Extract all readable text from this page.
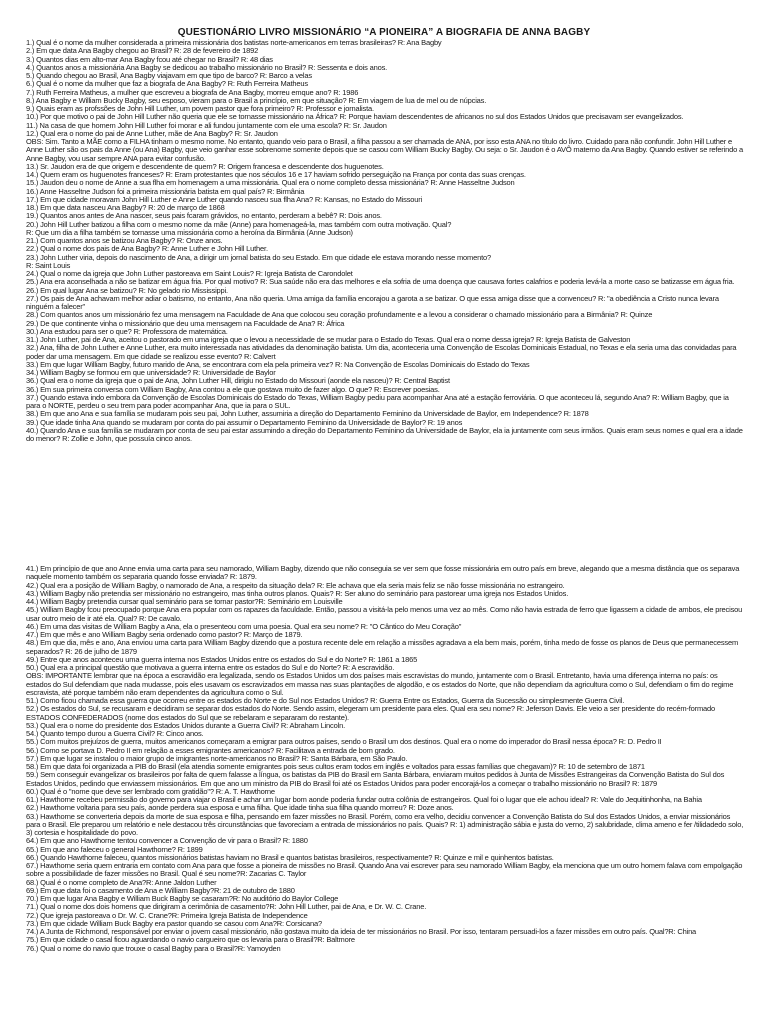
QUESTIONÁRIO LIVRO MISSIONÁRIO “A PIONEIRA” A BIOGRAFIA DE ANNA BAGBY

1.) Qual é o nome da mulher considerada a primeira missionária dos batistas norte-americanos em terras brasileiras? R: Ana Bagby

2.) Em que data Ana Bagby chegou ao Brasil? R: 28 de fevereiro de 1892

3.) Quantos dias em alto-mar Ana Bagby fcou até chegar no Brasil? R: 48 dias

4.) Quantos anos a missionária Ana Bagby se dedicou ao trabalho missionário no Brasil? R: Sessenta e dois anos.

5.) Quando chegou ao Brasil, Ana Bagby viajavam em que tipo de barco? R: Barco a velas

6.) Qual é o nome da mulher que faz a biografa de Ana Bagby? R: Ruth Ferreira Matheus

7.) Ruth Ferreira Matheus, a mulher que escreveu a biografa de Ana Bagby, morreu emque ano? R: 1986

8.) Ana Bagby e William Bucky Bagby, seu esposo, vieram para o Brasil a princípio, em que situação? R: Em viagem de lua de mel ou de núpcias.

9.) Quais eram as profssões de John Hill Luther, um povem pastor que fora primeiro? R: Professor e jornalista.

10.) Por que motivo o pai de John Hill Luther não queria que ele se tornasse missionário na África? R: Porque haviam descendentes de africanos no sul dos Estados Unidos que precisavam ser evangelizados.

11.) Na casa de que homem John Hill Luther foi morar e ali fundou juntamente com ele uma escola? R: Sr. Jaudon

12.) Qual era o nome do pai de Anne Luther, mãe de Ana Bagby? R: Sr. Jaudon

OBS: Sim. Tanto a MÃE como a FILHA tinham o mesmo nome. No entanto, quando veio para o Brasil, a filha passou a ser chamada de ANA, por isso esta ANA no título do livro. Cuidado para não confundir. John Hill Luther e Anne Luther são os pais da Anne (ou Ana) Bagby, que veio ganhar esse sobrenome somente depois que se casou com William Bucky Bagby. Ou seja: o Sr. Jaudon é o AVÔ materno da Ana Bagby. Quando estiver se referindo a Anne Bagby, vou usar sempre ANA para evitar confusão.

13.) Sr. Jaudon era de que origem e descendente de quem? R: Origem francesa e descendente dos huguenotes.

14.) Quem eram os huguenotes franceses? R: Eram protestantes que nos séculos 16 e 17 haviam sofrido perseguição na França por conta das suas crenças.

15.) Jaudon deu o nome de Anne a sua flha em homenagem a uma missionária. Qual era o nome completo dessa missionária? R: Anne Hasseltne Judson

16.) Anne Hasseltne Judson foi a primeira missionária batista em qual país? R: Birmânia

17.) Em que cidade moravam John Hill Luther e Anne Luther quando nasceu sua flha Ana? R: Kansas, no Estado do Missouri

18.) Em que data nasceu Ana Bagby? R: 20 de março de 1868

19.) Quantos anos antes de Ana nascer, seus pais fcaram grávidos, no entanto, perderam a bebê? R: Dois anos.

20.) John Hill Luther batizou a filha com o mesmo nome da mãe (Anne) para homenageá-la, mas também com outra motivação. Qual?

R: Que um dia a filha também se tornasse uma missionária como a heroína da Birmânia (Anne Judson)

21.) Com quantos anos se batizou Ana Bagby? R: Onze anos.

22.) Qual o nome dos pais de Ana Bagby? R: Anne Luther e John Hill Luther.

23.) John Luther viria, depois do nascimento de Ana, a dirigir um jornal batista do seu Estado. Em que cidade ele estava morando nesse momento?

R: Saint Louis

24.) Qual o nome da igreja que John Luther pastoreava em Saint Louis? R: Igreja Batista de Carondolet

25.) Ana era aconselhada a não se batizar em água fria. Por qual motivo? R: Sua saúde não era das melhores e ela sofria de uma doença que causava fortes calafrios e poderia levá-la a morte caso se batizasse em água fria.

26.) Em qual lugar Ana se batizou? R: No gelado rio Mississippi.

27.) Os pais de Ana achavam melhor adiar o batismo, no entanto, Ana não queria. Uma amiga da família encorajou a garota a se batizar. O que essa amiga disse que a convenceu? R: "a obediência a Cristo nunca levara ninguém a falecer"

28.) Com quantos anos um missionário fez uma mensagem na Faculdade de Ana que colocou seu coração profundamente e a levou a considerar o chamado missionário para a Birmânia? R: Quinze

29.) De que continente vinha o missionário que deu uma mensagem na Faculdade de Ana? R: África

30.) Ana estudou para ser o que? R: Professora de matemática.

31.) John Luther, pai de Ana, aceitou o pastorado em uma igreja que o levou a necessidade de se mudar para o Estado do Texas. Qual era o nome dessa igreja? R: Igreja Batista de Galveston

32.) Ana, filha de John Luther e Anne Luther, era muito interessada nas atividades da denominação batista. Um dia, aconteceria uma Convenção de Escolas Dominicais Estadual, no Texas e ela seria uma das convidadas para poder dar uma mensagem. Em que cidade se realizou esse evento? R: Calvert

33.) Em que lugar William Bagby, futuro marido de Ana, se encontrara com ela pela primeira vez? R: Na Convenção de Escolas Dominicais do Estado do Texas

34.) William Bagby se formou em que universidade? R: Universidade de Baylor

36.) Qual era o nome da igreja que o pai de Ana, John Luther Hill, dirigiu no Estado do Missouri (aonde ela nasceu)? R: Central Baptist

36.) Em sua primeira conversa com William Bagby, Ana contou a ele que gostava muito de fazer algo. O que? R: Escrever poesias.

37.) Quando estava indo embora da Convenção de Escolas Dominicais do Estado do Texas, William Bagby pediu para acompanhar Ana até a estação ferroviária. O que aconteceu lá, segundo Ana? R: William Bagby, que ia para o NORTE, perdeu o seu trem para poder acompanhar Ana, que ia para o SUL.

38.) Em que ano Ana e sua família se mudaram pois seu pai, John Luther, assumiria a direção do Departamento Feminino da Universidade de Baylor, em Independence? R: 1878

39.) Que idade tinha Ana quando se mudaram por conta do pai assumir o Departamento Feminino da Universidade de Baylor? R: 19 anos

40.) Quando Ana e sua família se mudaram por conta de seu pai estar assumindo a direção do Departamento Feminino da Universidade de Baylor, ela ia juntamente com seus irmãos. Quais eram seus nomes e qual era a idade do menor? R: Zollie e John, que possuía cinco anos.

41.) Em princípio de que ano Anne envia uma carta para seu namorado, William Bagby, dizendo que não conseguia se ver sem que fosse missionária em outro país em breve, alegando que a mesma distância que os separava naquele momento também os separaria quando fosse enviada? R: 1879.

42.) Qual era a posição de William Bagby, o namorado de Ana, a respeito da situação dela? R: Ele achava que ela seria mais feliz se não fosse missionária no estrangeiro.

43.) William Bagby não pretendia ser missionário no estrangeiro, mas tinha outros planos. Quais? R: Ser aluno do seminário para pastorear uma igreja nos Estados Unidos.

44.) William Bagby pretendia cursar qual seminário para se tornar pastor?R: Seminário em Louisville

45.) William Bagby fcou preocupado porque Ana era popular com os rapazes da faculdade. Então, passou a visitá-la pelo menos uma vez ao mês. Como não havia estrada de ferro que ligassem a cidade de ambos, ele precisou usar outro meio de ir até ela. Qual? R: De cavalo.

46.) Em uma das visitas de William Bagby a Ana, ela o presenteou com uma poesia. Qual era seu nome? R: "O Cântico do Meu Coração"

47.) Em que mês e ano William Bagby seria ordenado como pastor? R: Março de 1879.

48.) Em que dia, mês e ano, Ana enviou uma carta para William Bagby dizendo que a postura recente dele em relação a missões agradava a ela bem mais, porém, tinha medo de fosse os planos de Deus que permanecessem separados? R: 26 de julho de 1879

49.) Entre que anos aconteceu uma guerra interna nos Estados Unidos entre os estados do Sul e do Norte? R: 1861 a 1865

50.) Qual era a principal questão que motivava a guerra interna entre os estados do Sul e do Norte? R: A escravidão.

OBS: IMPORTANTE lembrar que na época a escravidão era legalizada, sendo os Estados Unidos um dos países mais escravistas do mundo, juntamente com o Brasil. Entretanto, havia uma diferença interna no país: os estados do Sul defendiam que nada mudasse, pois eles usavam os escravizados em massa nas suas plantações de algodão, e os estados do Norte, que não dependiam da agricultura como o Sul, defendiam o fim do regime escravista, até porque também não eram dependentes da agricultura como o Sul.

51.) Como ficou chamada essa guerra que ocorreu entre os estados do Norte e do Sul nos Estados Unidos? R: Guerra Entre os Estados, Guerra da Sucessão ou simplesmente Guerra Civil.

52.) Os estados do Sul, se recusaram e decidiram se separar dos estados do Norte. Sendo assim, elegeram um presidente para eles. Qual era seu nome? R: Jeferson Davis. Ele veio a ser presidente do recém-formado ESTADOS CONFEDERADOS (nome dos estados do Sul que se rebelaram e separaram do restante).

53.) Qual era o nome do presidente dos Estados Unidos durante a Guerra Civil? R: Abraham Lincoln.

54.) Quanto tempo durou a Guerra Civil? R: Cinco anos.

55.) Com muitos prejuízos de guerra, muitos americanos começaram a emigrar para outros países, sendo o Brasil um dos destinos. Qual era o nome do imperador do Brasil nessa época? R: D. Pedro II

56.) Como se portava D. Pedro II em relação a esses emigrantes americanos? R: Facilitava a entrada de bom grado.

57.) Em que lugar se instalou o maior grupo de imigrantes norte-americanos no Brasil? R: Santa Bárbara, em São Paulo.

58.) Em que data foi organizada a PIB do Brasil (ela atendia somente emigrantes pois seus cultos eram todos em inglês e voltados para essas famílias que chegavam)? R: 10 de setembro de 1871

59.) Sem conseguir evangelizar os brasileiros por falta de quem falasse a língua, os batistas da PIB do Brasil em Santa Bárbara, enviaram muitos pedidos à Junta de Missões Estrangeiras da Convenção Batista do Sul dos Estados Unidos, pedindo que enviassem missionários. Em que ano um ministro da PIB do Brasil foi até os Estados Unidos para poder encorajá-los a começar o trabalho missionário no Brasil? R: 1879

60.) Qual é o "nome que deve ser lembrado com gratidão"? R: A. T. Hawthorne

61.) Hawthorne recebeu permissão do governo para viajar o Brasil e achar um lugar bom aonde poderia fundar outra colônia de estrangeiros. Qual foi o lugar que ele achou ideal? R: Vale do Jequitinhonha, na Bahia

62.) Hawthorne voltaria para seu país, aonde perdera sua esposa e uma filha. Que idade tinha sua filha quando morreu? R: Doze anos.

63.) Hawthorne se converteria depois da morte de sua esposa e filha, pensando em fazer missões no Brasil. Porém, como era velho, decidiu convencer a Convenção Batista do Sul dos Estados Unidos, a enviar missionários para o Brasil. Ele preparou um relatório e nele destacou três circunstâncias que favoreciam a entrada de missionários no país. Quais? R: 1) administração sábia e justa do verno, 2) salubridade, clima ameno e fer /tilidadedo solo, 3) cortesia e hospitalidade do povo.

64.) Em que ano Hawthorne tentou convencer a Convenção de vir para o Brasil? R: 1880

65.) Em que ano faleceu o general Hawthorne? R: 1899

66.) Quando Hawthorne faleceu, quantos missionários batistas haviam no Brasil e quantos batistas brasileiros, respectivamente? R: Quinze e mil e quinhentos batistas.

67.) Hawthorne seria quem entraria em contato com Ana para que fosse a pioneira de missões no Brasil. Quando Ana vai escrever para seu namorado William Bagby, ela menciona que um outro homem falava com empolgação sobre a possibilidade de fazer missões no Brasil. Qual é seu nome?R: Zacarias C. Taylor

68.) Qual é o nome completo de Ana?R: Anne Jaldon Luther

69.) Em que data foi o casamento de Ana e William Bagby?R: 21 de outubro de 1880

70.) Em que lugar Ana Bagby e William Buck Bagby se casaram?R: No auditório do Baylor College

71.) Qual o nome dos dois homens que dirigiram a cerimônia de casamento?R: John Hill Luther, pai de Ana, e Dr. W. C. Crane.

72.) Que igreja pastoreava o Dr. W. C. Crane?R: Primeira Igreja Batista de Independence

73.) Em que cidade William Buck Bagby era pastor quando se casou com Ana?R: Corsicana?

74.) A Junta de Richmond, responsável por enviar o jovem casal missionário, não gostava muito da ideia de ter missionários no Brasil. Por isso, tentaram persuadi-los a fazer missões em outro país. Qual?R: China

75.) Em que cidade o casal ficou aguardando o navio cargueiro que os levaria para o Brasil?R: Baltmore

76.) Qual o nome do navio que trouxe o casal Bagby para o Brasil?R: Yamoyden
